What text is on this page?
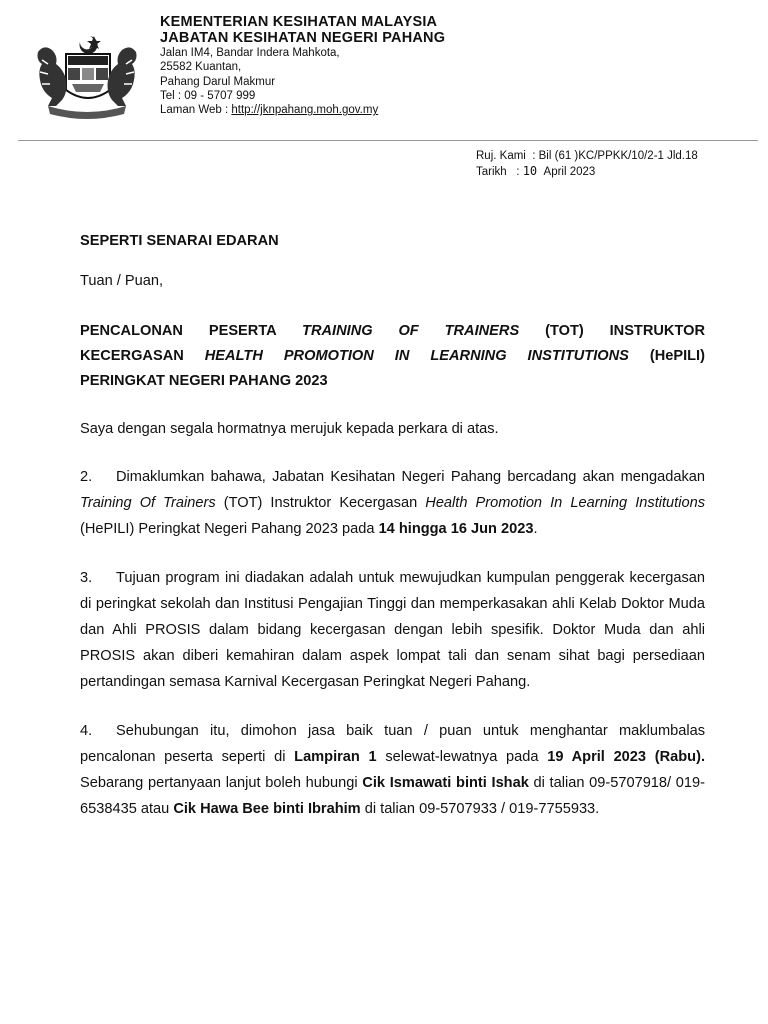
KEMENTERIAN KESIHATAN MALAYSIA
JABATAN KESIHATAN NEGERI PAHANG
Jalan IM4, Bandar Indera Mahkota,
25582 Kuantan,
Pahang Darul Makmur
Tel : 09 - 5707 999
Laman Web : http://jknpahang.moh.gov.my
Ruj. Kami : Bil (61 )KC/PPKK/10/2-1 Jld.18
Tarikh : 10 April 2023
SEPERTI SENARAI EDARAN
Tuan / Puan,
PENCALONAN PESERTA TRAINING OF TRAINERS (TOT) INSTRUKTOR
KECERGASAN HEALTH PROMOTION IN LEARNING INSTITUTIONS (HePILI)
PERINGKAT NEGERI PAHANG 2023
Saya dengan segala hormatnya merujuk kepada perkara di atas.
2. Dimaklumkan bahawa, Jabatan Kesihatan Negeri Pahang bercadang akan mengadakan Training Of Trainers (TOT) Instruktor Kecergasan Health Promotion In Learning Institutions (HePILI) Peringkat Negeri Pahang 2023 pada 14 hingga 16 Jun 2023.
3. Tujuan program ini diadakan adalah untuk mewujudkan kumpulan penggerak kecergasan di peringkat sekolah dan Institusi Pengajian Tinggi dan memperkasakan ahli Kelab Doktor Muda dan Ahli PROSIS dalam bidang kecergasan dengan lebih spesifik. Doktor Muda dan ahli PROSIS akan diberi kemahiran dalam aspek lompat tali dan senam sihat bagi persediaan pertandingan semasa Karnival Kecergasan Peringkat Negeri Pahang.
4. Sehubungan itu, dimohon jasa baik tuan / puan untuk menghantar maklumbalas pencalonan peserta seperti di Lampiran 1 selewat-lewatnya pada 19 April 2023 (Rabu). Sebarang pertanyaan lanjut boleh hubungi Cik Ismawati binti Ishak di talian 09-5707918/ 019-6538435 atau Cik Hawa Bee binti Ibrahim di talian 09-5707933 / 019-7755933.
